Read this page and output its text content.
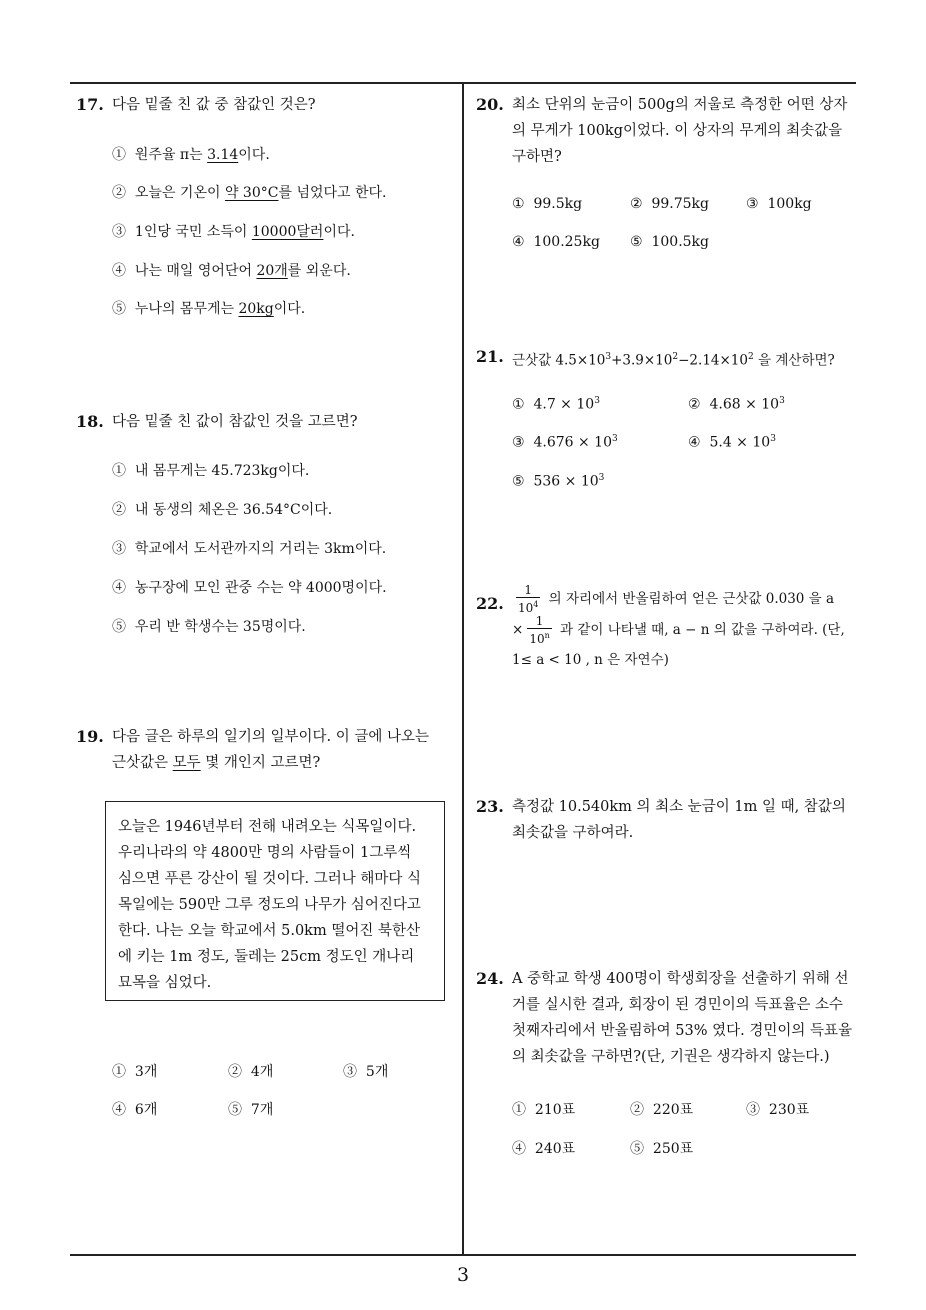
17. 다음 밑줄 친 값 중 참값인 것은?
① 원주율 π는 3.14이다.
② 오늘은 기온이 약 30°C를 넘었다고 한다.
③ 1인당 국민 소득이 10000달러이다.
④ 나는 매일 영어단어 20개를 외운다.
⑤ 누나의 몸무게는 20kg이다.
18. 다음 밑줄 친 값이 참값인 것을 고르면?
① 내 몸무게는 45.723kg이다.
② 내 동생의 체온은 36.54°C이다.
③ 학교에서 도서관까지의 거리는 3km이다.
④ 농구장에 모인 관중 수는 약 4000명이다.
⑤ 우리 반 학생수는 35명이다.
19. 다음 글은 하루의 일기의 일부이다. 이 글에 나오는
근삿값은 모두 몇 개인지 고르면?
오늘은 1946년부터 전해 내려오는 식목일이다.
우리나라의 약 4800만 명의 사람들이 1그루씩
심으면 푸른 강산이 될 것이다. 그러나 해마다 식
목일에는 590만 그루 정도의 나무가 심어진다고
한다. 나는 오늘 학교에서 5.0km 떨어진 북한산
에 키는 1m 정도, 둘레는 25cm 정도인 개나리
묘목을 심었다.
① 3개	② 4개	③ 5개
④ 6개	⑤ 7개
20. 최소 단위의 눈금이 500g의 저울로 측정한 어떤 상자
의 무게가 100kg이었다. 이 상자의 무게의 최솟값을
구하면?
① 99.5kg	② 99.75kg	③ 100kg
④ 100.25kg ⑤ 100.5kg
21. 근삿값 $4.5\times 10^3+3.9\times 10^2-2.14\times 10^2$ 을 계산하면?
① $4.7 \times 10^3$	② $4.68 \times 10^3$
③ $4.676 \times 10^3$	④ $5.4 \times 10^3$
⑤ $536 \times 10^3$
22. $\frac{1}{10^4}$ 의 자리에서 반올림하여 얻은 근삿값 0.030 을 a
× $\frac{1}{10^n}$ 과 같이 나타낼 때, a − n 의 값을 구하여라. (단,
1≤ a < 10 , n 은 자연수)
23. 측정값 10.540km 의 최소 눈금이 1m 일 때, 참값의
최솟값을 구하여라.
24. A 중학교 학생 400명이 학생회장을 선출하기 위해 선
거를 실시한 결과, 회장이 된 경민이의 득표율은 소수
첫째자리에서 반올림하여 53% 였다. 경민이의 득표율
의 최솟값을 구하면?(단, 기권은 생각하지 않는다.)
① 210표	② 220표	③ 230표
④ 240표	⑤ 250표
3
